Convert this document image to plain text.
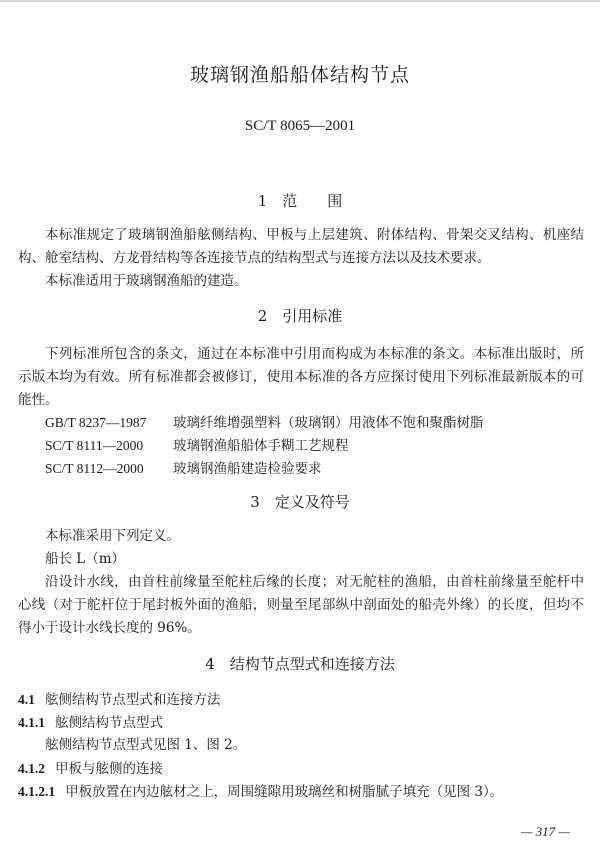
玻璃钢渔船船体结构节点
SC/T 8065—2001
1　范　　围
本标准规定了玻璃钢渔船舷侧结构、甲板与上层建筑、附体结构、骨架交叉结构、机座结构、舱室结构、方龙骨结构等各连接节点的结构型式与连接方法以及技术要求。
本标准适用于玻璃钢渔船的建造。
2　引用标准
下列标准所包含的条文，通过在本标准中引用而构成为本标准的条文。本标准出版时，所示版本均为有效。所有标准都会被修订，使用本标准的各方应探讨使用下列标准最新版本的可能性。
GB/T 8237—1987 玻璃纤维增强塑料（玻璃钢）用液体不饱和聚酯树脂
SC/T 8111—2000 玻璃钢渔船船体手糊工艺规程
SC/T 8112—2000 玻璃钢渔船建造检验要求
3　定义及符号
本标准采用下列定义。
船长 L（m）
沿设计水线，由首柱前缘量至舵柱后缘的长度；对无舵柱的渔船，由首柱前缘量至舵杆中心线（对于舵杆位于尾封板外面的渔船，则量至尾部纵中剖面处的船壳外缘）的长度，但均不得小于设计水线长度的 96%。
4　结构节点型式和连接方法
4.1 舷侧结构节点型式和连接方法
4.1.1 舷侧结构节点型式
舷侧结构节点型式见图 1、图 2。
4.1.2 甲板与舷侧的连接
4.1.2.1 甲板放置在内边舷材之上，周围缝隙用玻璃丝和树脂腻子填充（见图 3）。
— 317 —
